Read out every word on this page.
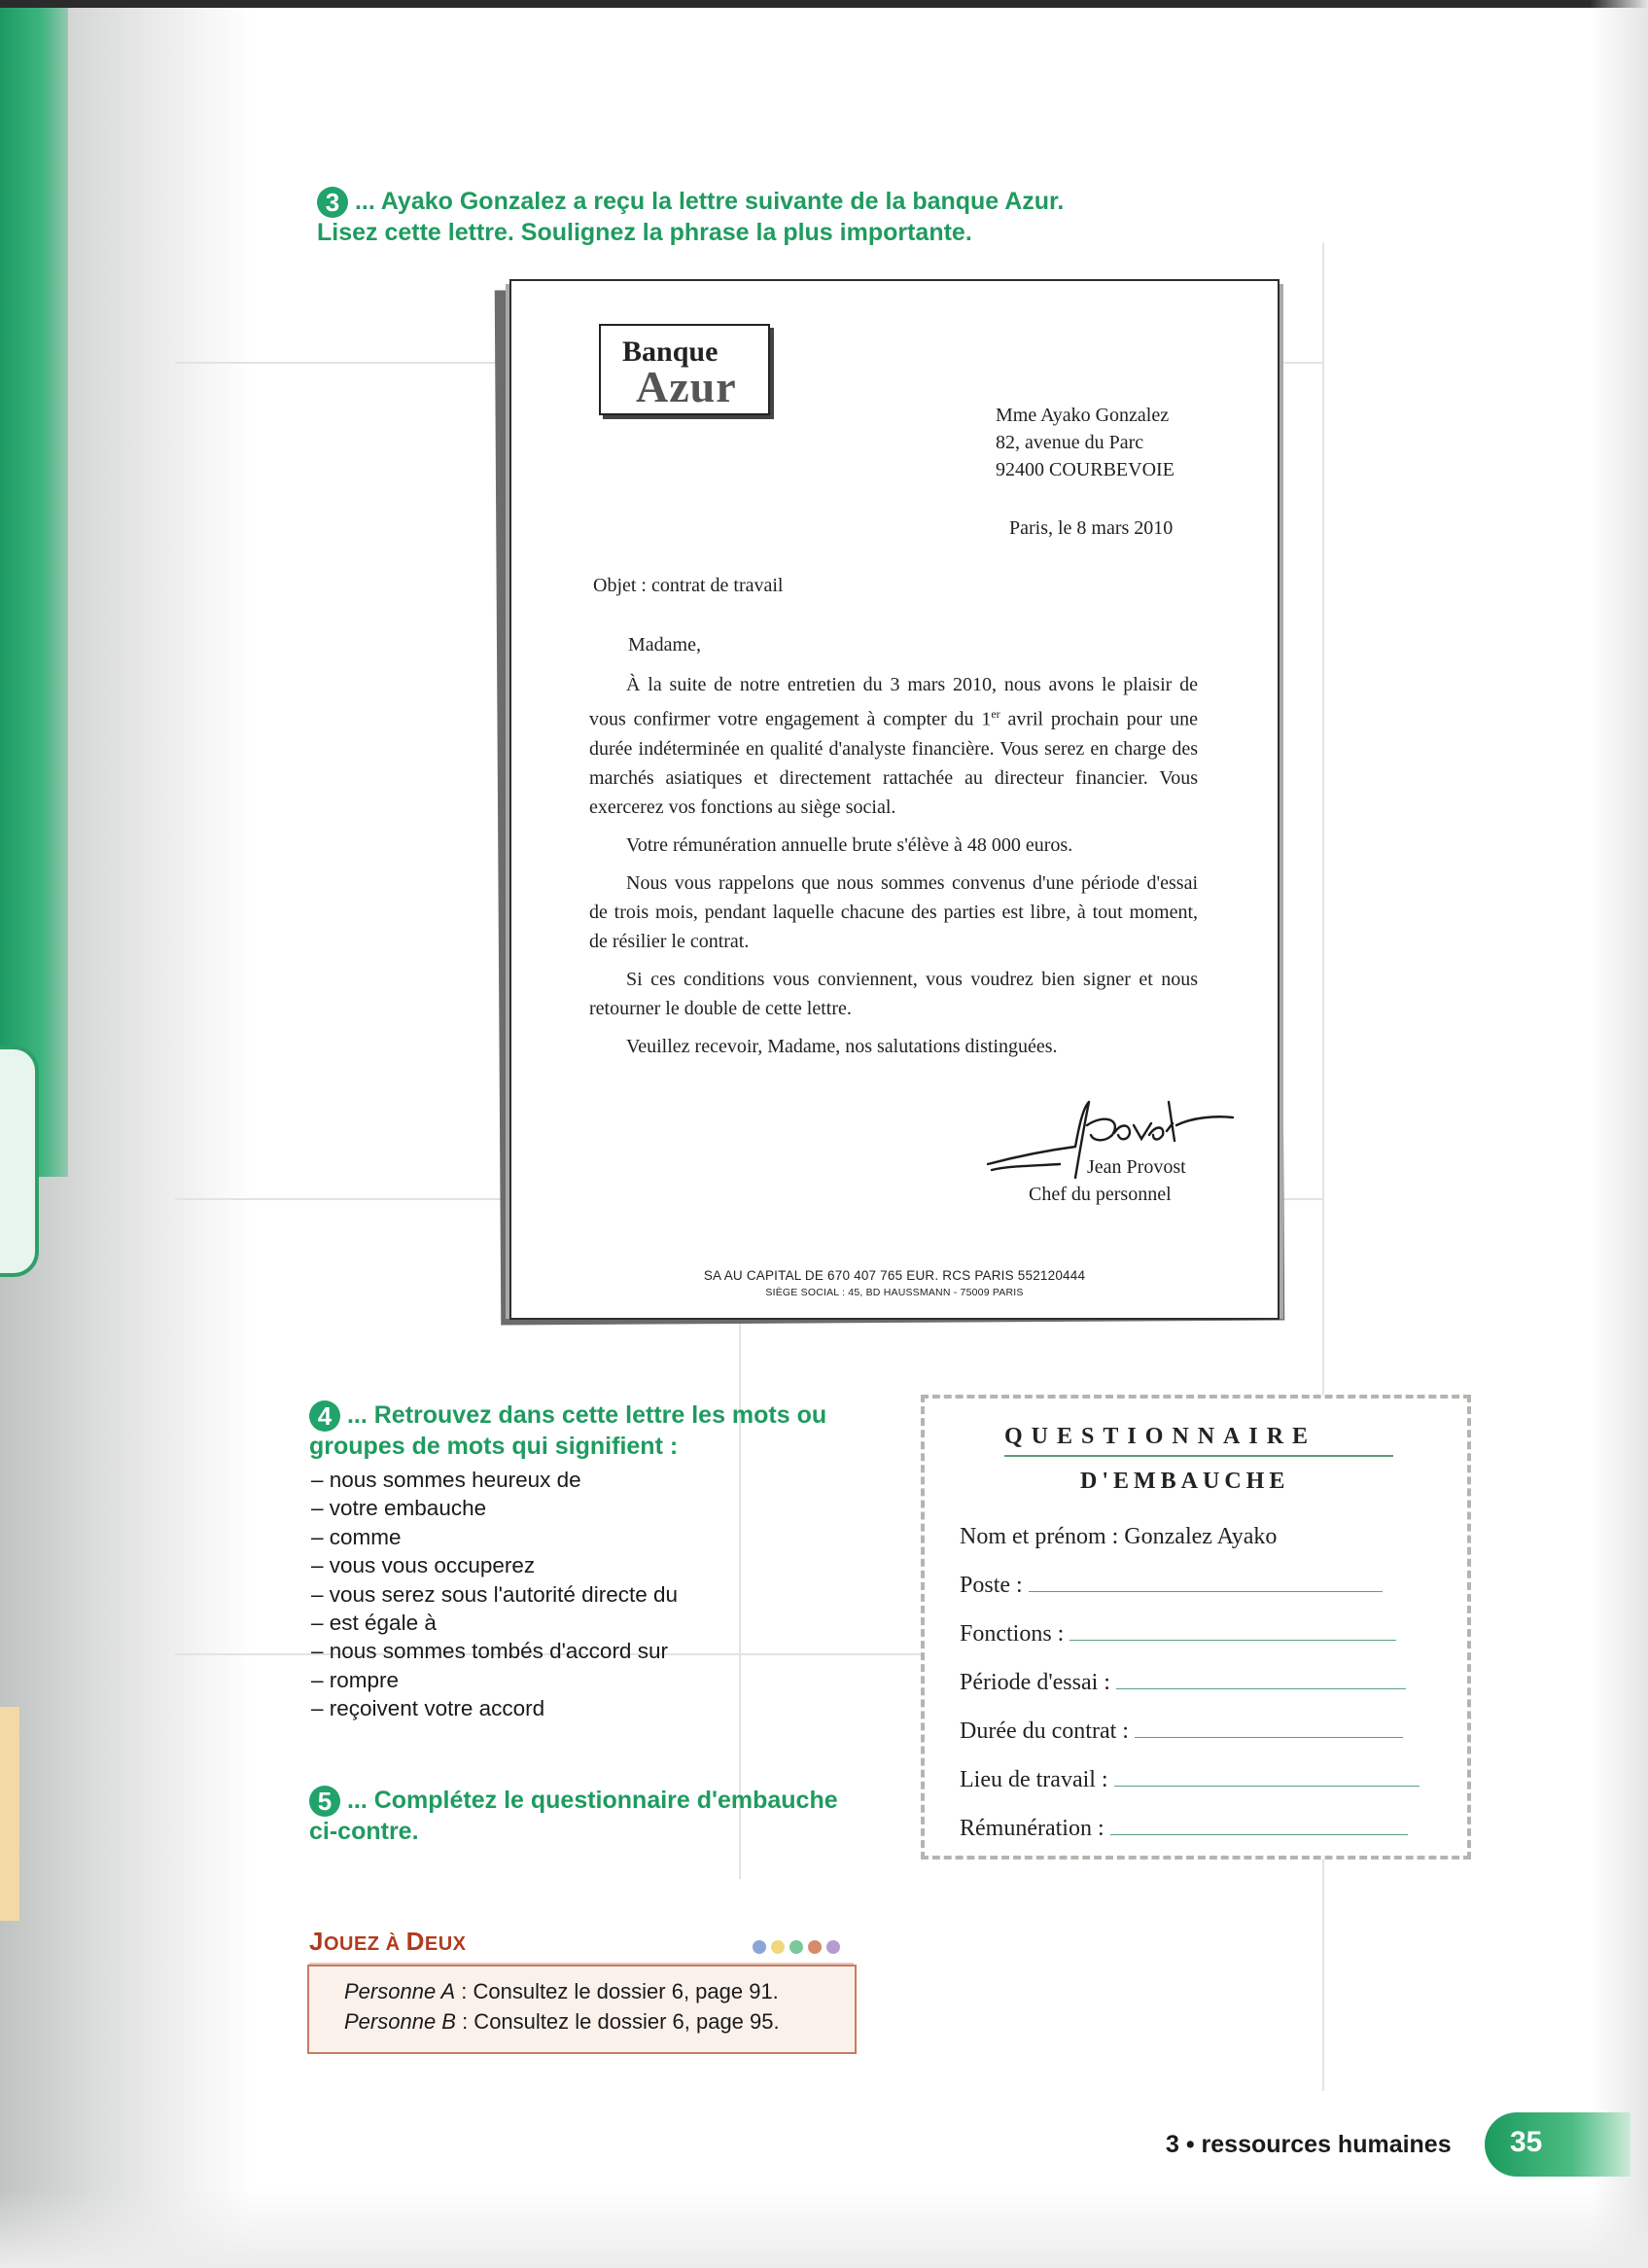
3 ... Ayako Gonzalez a reçu la lettre suivante de la banque Azur.
Lisez cette lettre. Soulignez la phrase la plus importante.
Banque
Azur
Mme Ayako Gonzalez
82, avenue du Parc
92400 COURBEVOIE
Paris, le 8 mars 2010
Objet : contrat de travail
Madame,

À la suite de notre entretien du 3 mars 2010, nous avons le plaisir de vous confirmer votre engagement à compter du 1er avril prochain pour une durée indéterminée en qualité d'analyste financière. Vous serez en charge des marchés asiatiques et directement rattachée au directeur financier. Vous exercerez vos fonctions au siège social.

Votre rémunération annuelle brute s'élève à 48 000 euros.

Nous vous rappelons que nous sommes convenus d'une période d'essai de trois mois, pendant laquelle chacune des parties est libre, à tout moment, de résilier le contrat.

Si ces conditions vous conviennent, vous voudrez bien signer et nous retourner le double de cette lettre.

Veuillez recevoir, Madame, nos salutations distinguées.

Jean Provost
Chef du personnel
SA AU CAPITAL DE 670 407 765 EUR. RCS PARIS 552120444
SIÈGE SOCIAL : 45, BD HAUSSMANN - 75009 PARIS
4 ... Retrouvez dans cette lettre les mots ou
groupes de mots qui signifient :
– nous sommes heureux de
– votre embauche
– comme
– vous vous occuperez
– vous serez sous l'autorité directe du
– est égale à
– nous sommes tombés d'accord sur
– rompre
– reçoivent votre accord
5 ... Complétez le questionnaire d'embauche
ci-contre.
QUESTIONNAIRE
D'EMBAUCHE
Nom et prénom : Gonzalez Ayako
Poste :
Fonctions :
Période d'essai :
Durée du contrat :
Lieu de travail :
Rémunération :
JOUEZ À DEUX
Personne A : Consultez le dossier 6, page 91.
Personne B : Consultez le dossier 6, page 95.
3 • ressources humaines 35
